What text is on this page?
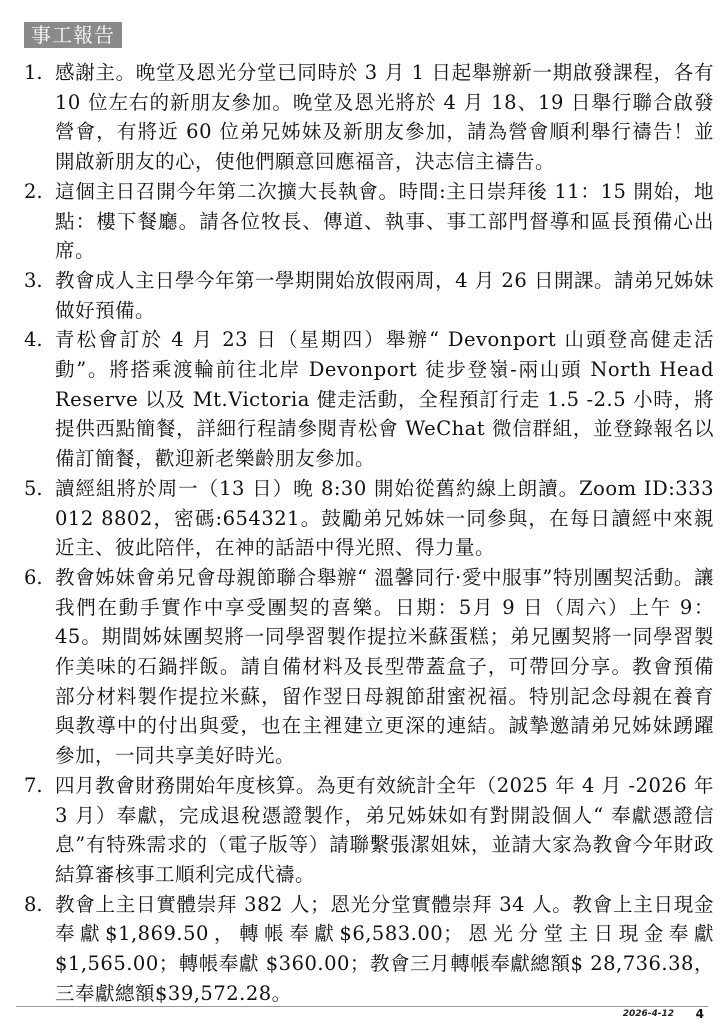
事工報告
1. 感謝主。晚堂及恩光分堂已同時於 3 月 1 日起舉辦新一期啟發課程，各有 10 位左右的新朋友參加。晚堂及恩光將於 4 月 18、19 日舉行聯合啟發營會，有將近 60 位弟兄姊妹及新朋友參加，請為營會順利舉行禱告！並開啟新朋友的心，使他們願意回應福音，決志信主禱告。
2. 這個主日召開今年第二次擴大長執會。時間:主日崇拜後 11：15 開始，地點：樓下餐廳。請各位牧長、傳道、執事、事工部門督導和區長預備心出席。
3. 教會成人主日學今年第一學期開始放假兩周，4 月 26 日開課。請弟兄姊妹做好預備。
4. 青松會訂於 4 月 23 日（星期四）舉辦“ Devonport 山頭登高健走活動”。將搭乘渡輪前往北岸 Devonport 徒步登嶺-兩山頭 North Head Reserve 以及 Mt.Victoria 健走活動，全程預訂行走 1.5 -2.5 小時，將提供西點簡餐，詳細行程請參閱青松會 WeChat 微信群組，並登錄報名以備訂簡餐，歡迎新老樂齡朋友參加。
5. 讀經組將於周一（13 日）晚 8:30 開始從舊約線上朗讀。Zoom ID:333 012 8802，密碼:654321。鼓勵弟兄姊妹一同參與，在每日讀經中來親近主、彼此陪伴，在神的話語中得光照、得力量。
6. 教會姊妹會弟兄會母親節聯合舉辦“ 溫馨同行·愛中服事”特別團契活動。讓我們在動手實作中享受團契的喜樂。日期：5月 9 日（周六）上午 9：45。期間姊妹團契將一同學習製作提拉米蘇蛋糕；弟兄團契將一同學習製作美味的石鍋拌飯。請自備材料及長型帶蓋盒子，可帶回分享。教會預備部分材料製作提拉米蘇，留作翌日母親節甜蜜祝福。特別記念母親在養育與教導中的付出與愛，也在主裡建立更深的連結。誠摯邀請弟兄姊妹踴躍參加，一同共享美好時光。
7. 四月教會財務開始年度核算。為更有效統計全年（2025 年 4 月 -2026 年 3 月）奉獻，完成退稅憑證製作，弟兄姊妹如有對開設個人“ 奉獻憑證信息”有特殊需求的（電子版等）請聯繫張潔姐妹，並請大家為教會今年財政結算審核事工順利完成代禱。
8. 教會上主日實體崇拜 382 人；恩光分堂實體崇拜 34 人。教會上主日現金奉獻$1,869.50，轉帳奉獻$6,583.00；恩光分堂主日現金奉獻 $1,565.00；轉帳奉獻 $360.00；教會三月轉帳奉獻總額$ 28,736.38，三奉獻總額$39,572.28。
2026-4-12 4
